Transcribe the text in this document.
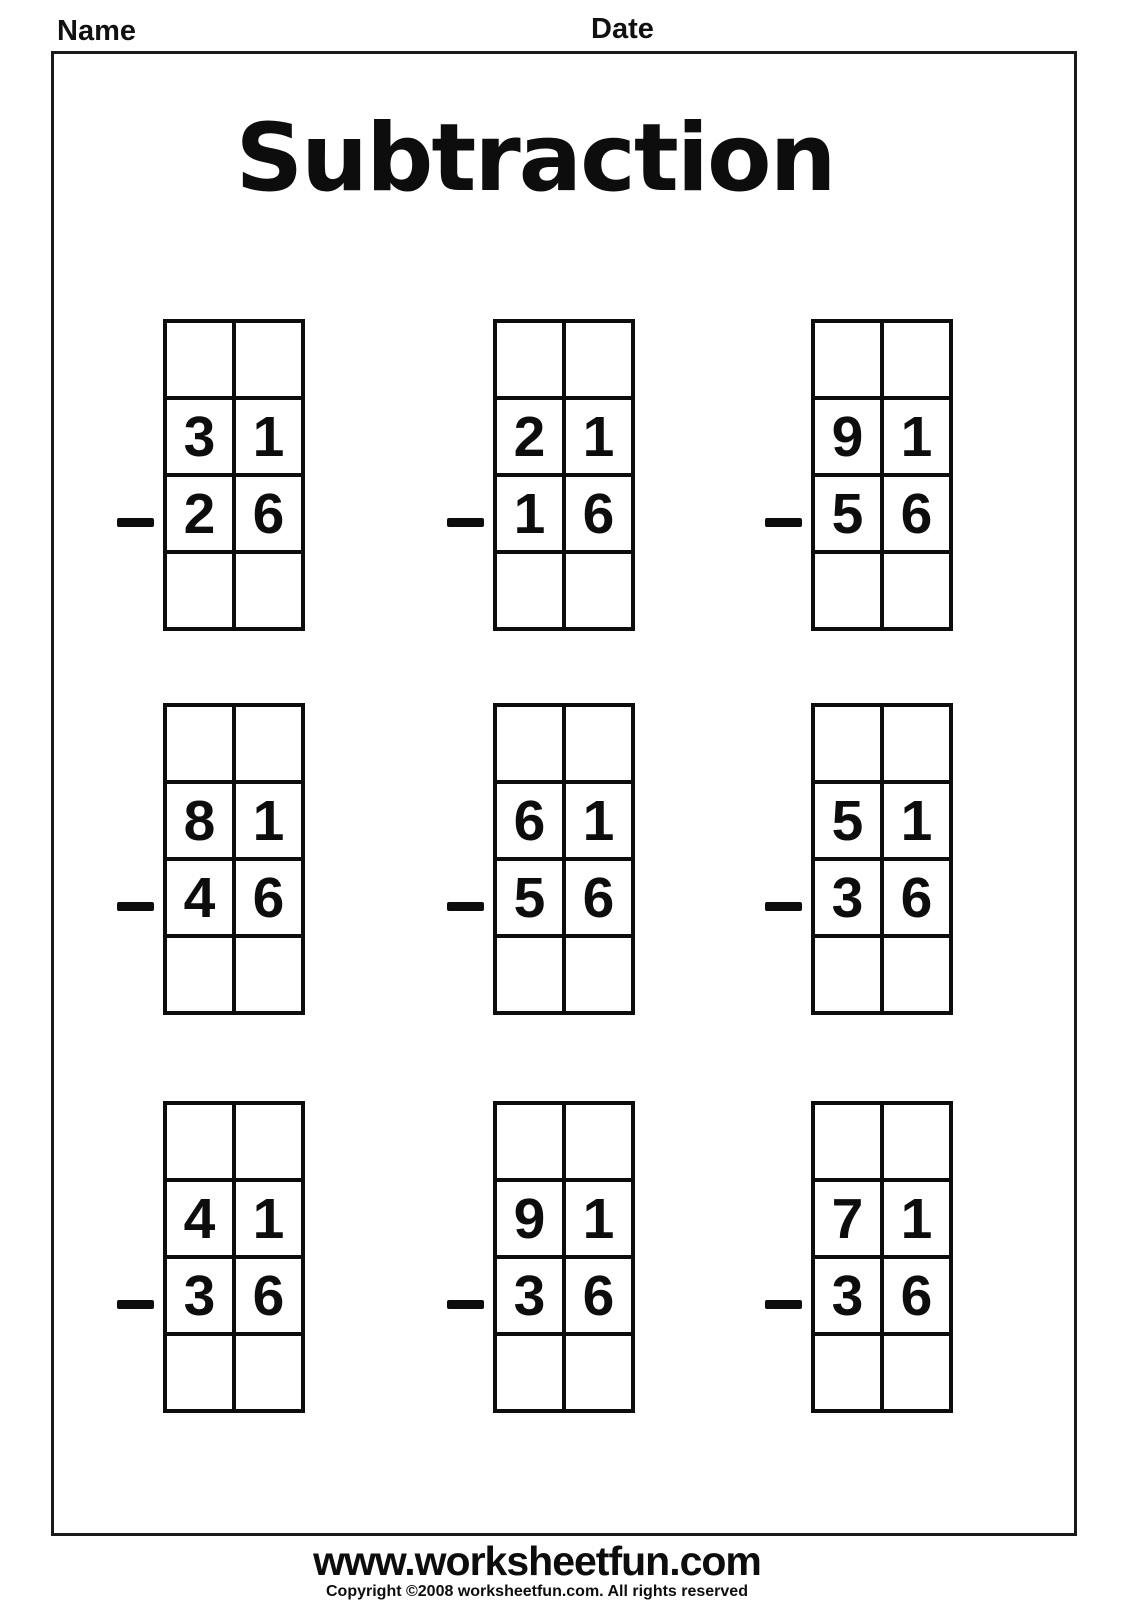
Name	Date
Subtraction

3	1
2	6

2	1
1	6

9	1
5	6

8	1
4	6

6	1
5	6

5	1
3	6

4	1
3	6

9	1
3	6

7	1
3	6

www.worksheetfun.com
Copyright ©2008 worksheetfun.com. All rights reserved
